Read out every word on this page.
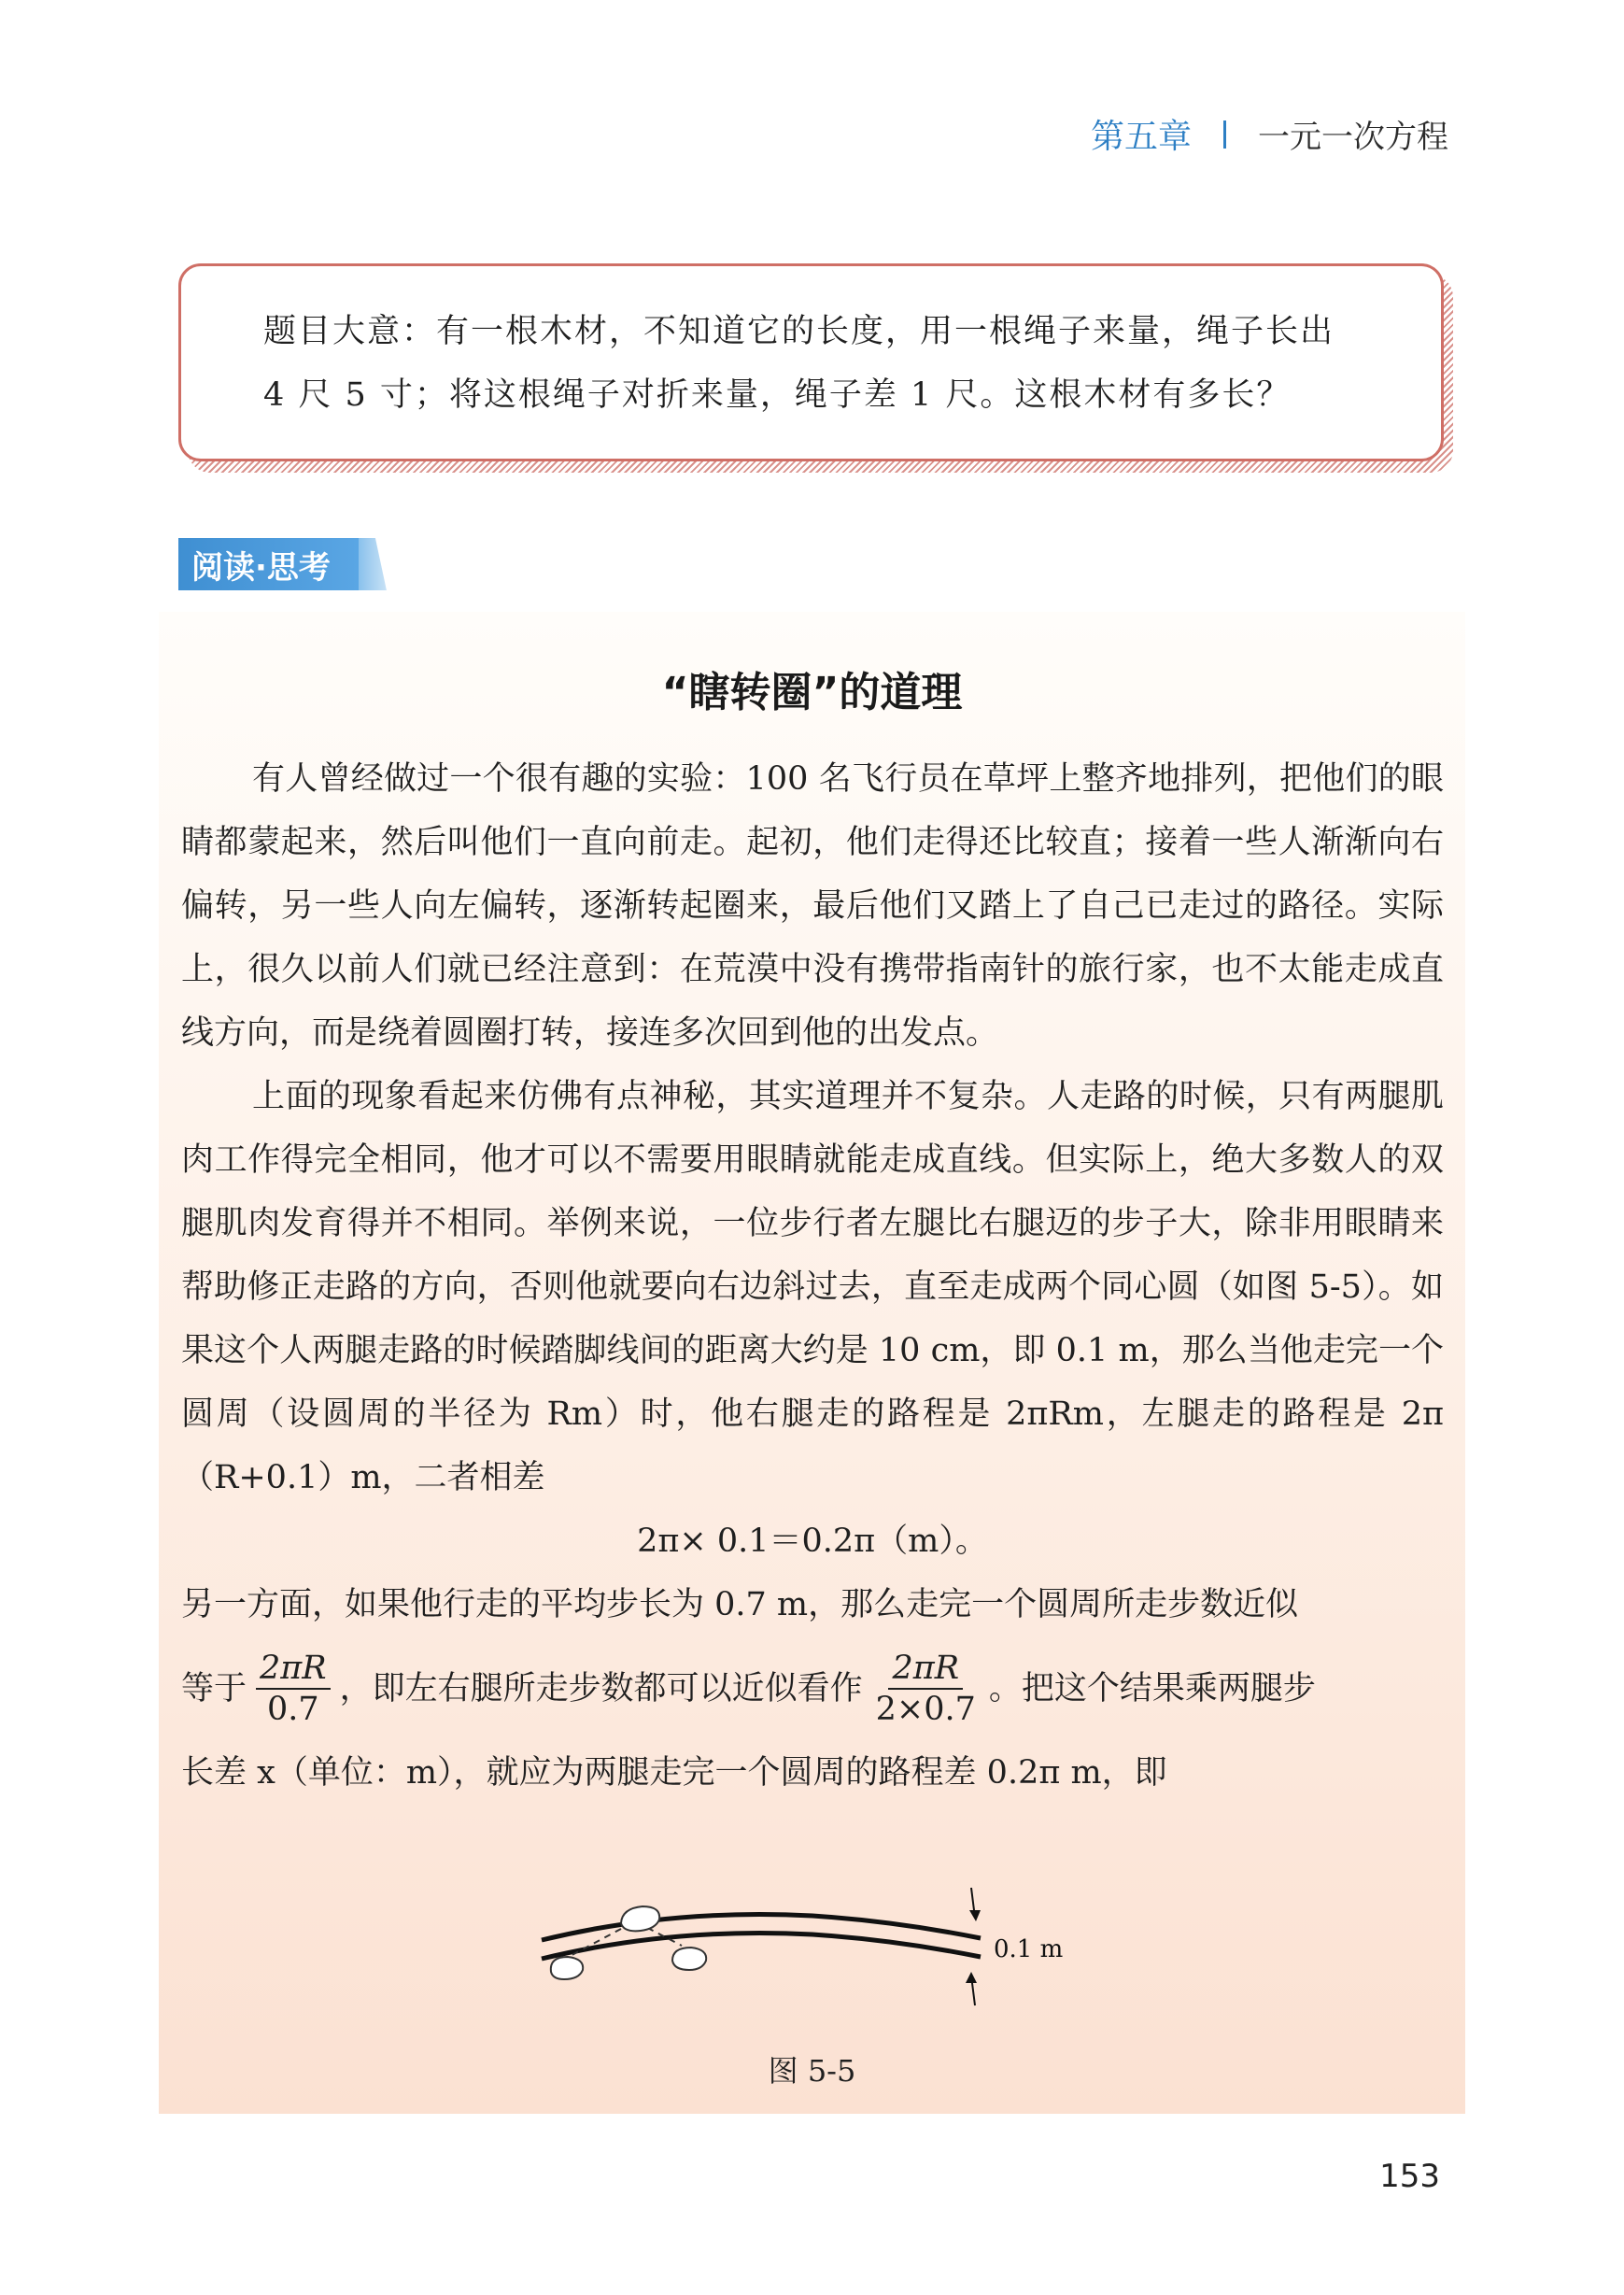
第五章 一元一次方程

题目大意：有一根木材，不知道它的长度，用一根绳子来量，绳子长出

4 尺 5 寸；将这根绳子对折来量，绳子差 1 尺。这根木材有多长？

阅读·思考
“瞎转圈”的道理

有人曾经做过一个很有趣的实验：100 名飞行员在草坪上整齐地排列，把他们的眼睛都蒙起来，然后叫他们一直向前走。起初，他们走得还比较直；接着一些人渐渐向右偏转，另一些人向左偏转，逐渐转起圈来，最后他们又踏上了自己已走过的路径。实际上，很久以前人们就已经注意到：在荒漠中没有携带指南针的旅行家，也不太能走成直线方向，而是绕着圆圈打转，接连多次回到他的出发点。

上面的现象看起来仿佛有点神秘，其实道理并不复杂。人走路的时候，只有两腿肌肉工作得完全相同，他才可以不需要用眼睛就能走成直线。但实际上，绝大多数人的双腿肌肉发育得并不相同。举例来说，一位步行者左腿比右腿迈的步子大，除非用眼睛来帮助修正走路的方向，否则他就要向右边斜过去，直至走成两个同心圆（如图 5-5）。如果这个人两腿走路的时候踏脚线间的距离大约是 10 cm，即 0.1 m，那么当他走完一个圆周（设圆周的半径为 Rm）时，他右腿走的路程是 2πRm，左腿走的路程是 2π（R+0.1）m，二者相差

2π× 0.1＝0.2π（m）。

另一方面，如果他行走的平均步长为 0.7 m，那么走完一个圆周所走步数近似

等于 $\frac{2\pi R}{0.7}$ ，即左右腿所走步数都可以近似看作 $\frac{2\pi R}{2\times 0.7}$ 。把这个结果乘两腿步

长差 x（单位：m），就应为两腿走完一个圆周的路程差 0.2π m，即

0.1 m
图 5-5
153
